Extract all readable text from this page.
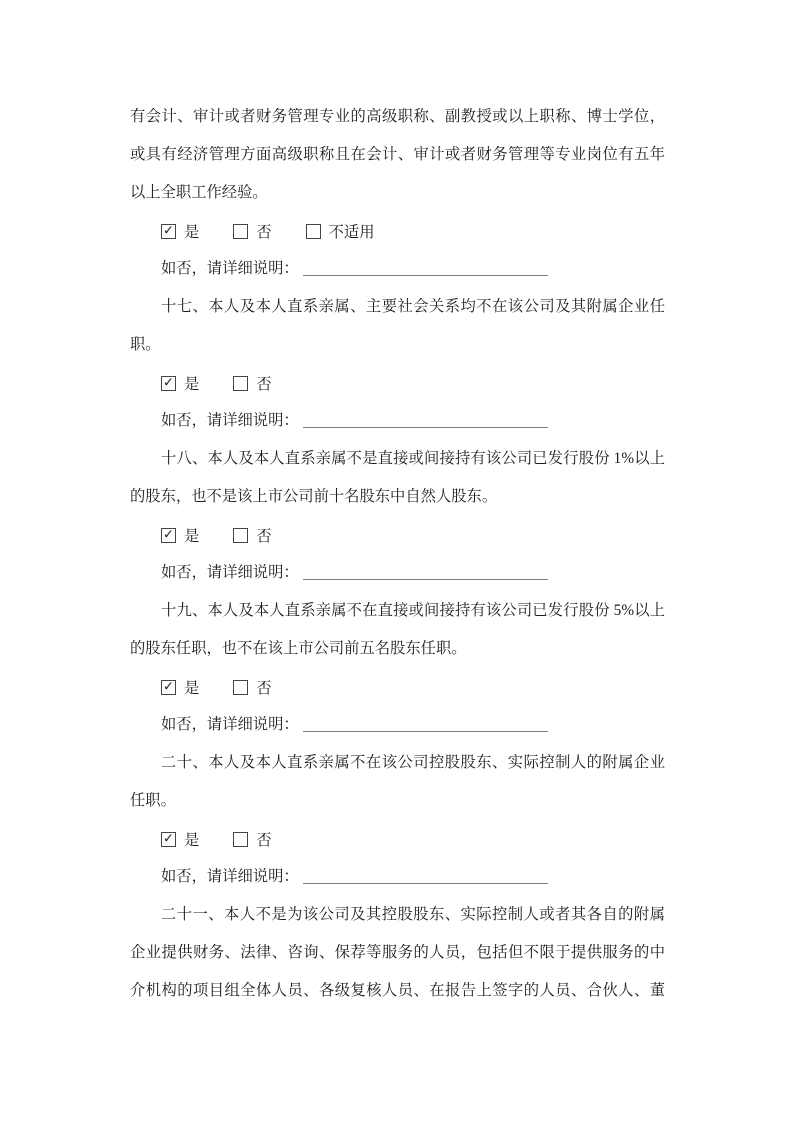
有会计、审计或者财务管理专业的高级职称、副教授或以上职称、博士学位，
或具有经济管理方面高级职称且在会计、审计或者财务管理等专业岗位有五年
以上全职工作经验。
✓ 是	否	不适用
如否，请详细说明：
十七、本人及本人直系亲属、主要社会关系均不在该公司及其附属企业任
职。
✓ 是	否
如否，请详细说明：
十八、本人及本人直系亲属不是直接或间接持有该公司已发行股份 1%以上
的股东，也不是该上市公司前十名股东中自然人股东。
✓ 是	否
如否，请详细说明：
十九、本人及本人直系亲属不在直接或间接持有该公司已发行股份 5%以上
的股东任职，也不在该上市公司前五名股东任职。
✓ 是	否
如否，请详细说明：
二十、本人及本人直系亲属不在该公司控股股东、实际控制人的附属企业
任职。
✓ 是	否
如否，请详细说明：
二十一、本人不是为该公司及其控股股东、实际控制人或者其各自的附属
企业提供财务、法律、咨询、保荐等服务的人员，包括但不限于提供服务的中
介机构的项目组全体人员、各级复核人员、在报告上签字的人员、合伙人、董
